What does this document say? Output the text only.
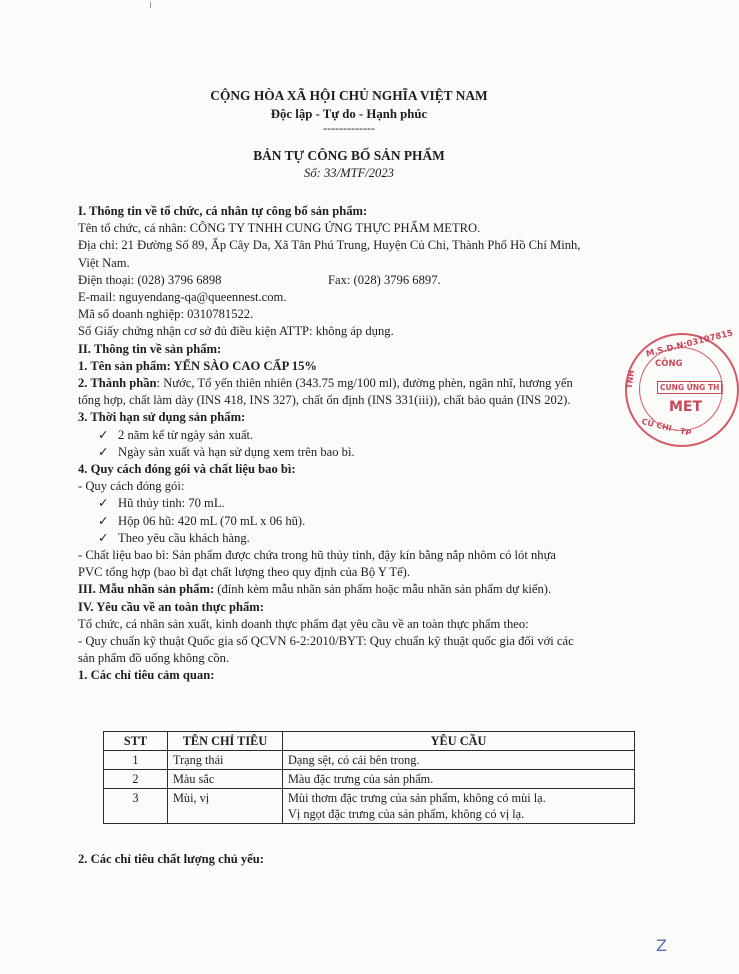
CỘNG HÒA XÃ HỘI CHỦ NGHĨA VIỆT NAM
Độc lập - Tự do - Hạnh phúc
-------------
BẢN TỰ CÔNG BỐ SẢN PHẨM
Số: 33/MTF/2023

I. Thông tin về tổ chức, cá nhân tự công bố sản phẩm:

Tên tổ chức, cá nhân: CÔNG TY TNHH CUNG ỨNG THỰC PHẨM METRO.

Địa chỉ: 21 Đường Số 89, Ấp Cây Da, Xã Tân Phú Trung, Huyện Củ Chi, Thành Phố Hồ Chí Minh,

Việt Nam.

Điện thoại: (028) 3796 6898	Fax: (028) 3796 6897.

E-mail: nguyendang-qa@queennest.com.

Mã số doanh nghiệp: 0310781522.

Số Giấy chứng nhận cơ sở đủ điều kiện ATTP: không áp dụng.

II. Thông tin về sản phẩm:

1. Tên sản phẩm: YẾN SÀO CAO CẤP 15%

2. Thành phần: Nước, Tổ yến thiên nhiên (343.75 mg/100 ml), đường phèn, ngân nhĩ, hương yến

tổng hợp, chất làm dày (INS 418, INS 327), chất ổn định (INS 331(iii)), chất bảo quản (INS 202).

3. Thời hạn sử dụng sản phẩm:

✓ 2 năm kể từ ngày sản xuất.

✓ Ngày sản xuất và hạn sử dụng xem trên bao bì.

4. Quy cách đóng gói và chất liệu bao bì:

- Quy cách đóng gói:

✓ Hũ thủy tinh: 70 mL.

✓ Hộp 06 hũ: 420 mL (70 mL x 06 hũ).

✓ Theo yêu cầu khách hàng.

- Chất liệu bao bì: Sản phẩm được chứa trong hũ thủy tinh, đậy kín bằng nắp nhôm có lót nhựa

PVC tổng hợp (bao bì đạt chất lượng theo quy định của Bộ Y Tế).

III. Mẫu nhãn sản phẩm: (đính kèm mẫu nhãn sản phẩm hoặc mẫu nhãn sản phẩm dự kiến).

IV. Yêu cầu về an toàn thực phẩm:

Tổ chức, cá nhân sản xuất, kinh doanh thực phẩm đạt yêu cầu về an toàn thực phẩm theo:

- Quy chuẩn kỹ thuật Quốc gia số QCVN 6-2:2010/BYT: Quy chuẩn kỹ thuật quốc gia đối với các

sản phẩm đồ uống không cồn.

1. Các chỉ tiêu cảm quan:

STT	TÊN CHỈ TIÊU	YÊU CẦU
1	Trạng thái	Dạng sệt, có cái bên trong.
2	Màu sắc	Màu đặc trưng của sản phẩm.
3	Mùi, vị	Mùi thơm đặc trưng của sản phẩm, không có mùi lạ.
Vị ngọt đặc trưng của sản phẩm, không có vị lạ.
2. Các chỉ tiêu chất lượng chủ yếu:
M.S.D.N:03107815
TNH
CÔNG
CUNG ỨNG TH
MET
CỦ CHI - TP
Z
